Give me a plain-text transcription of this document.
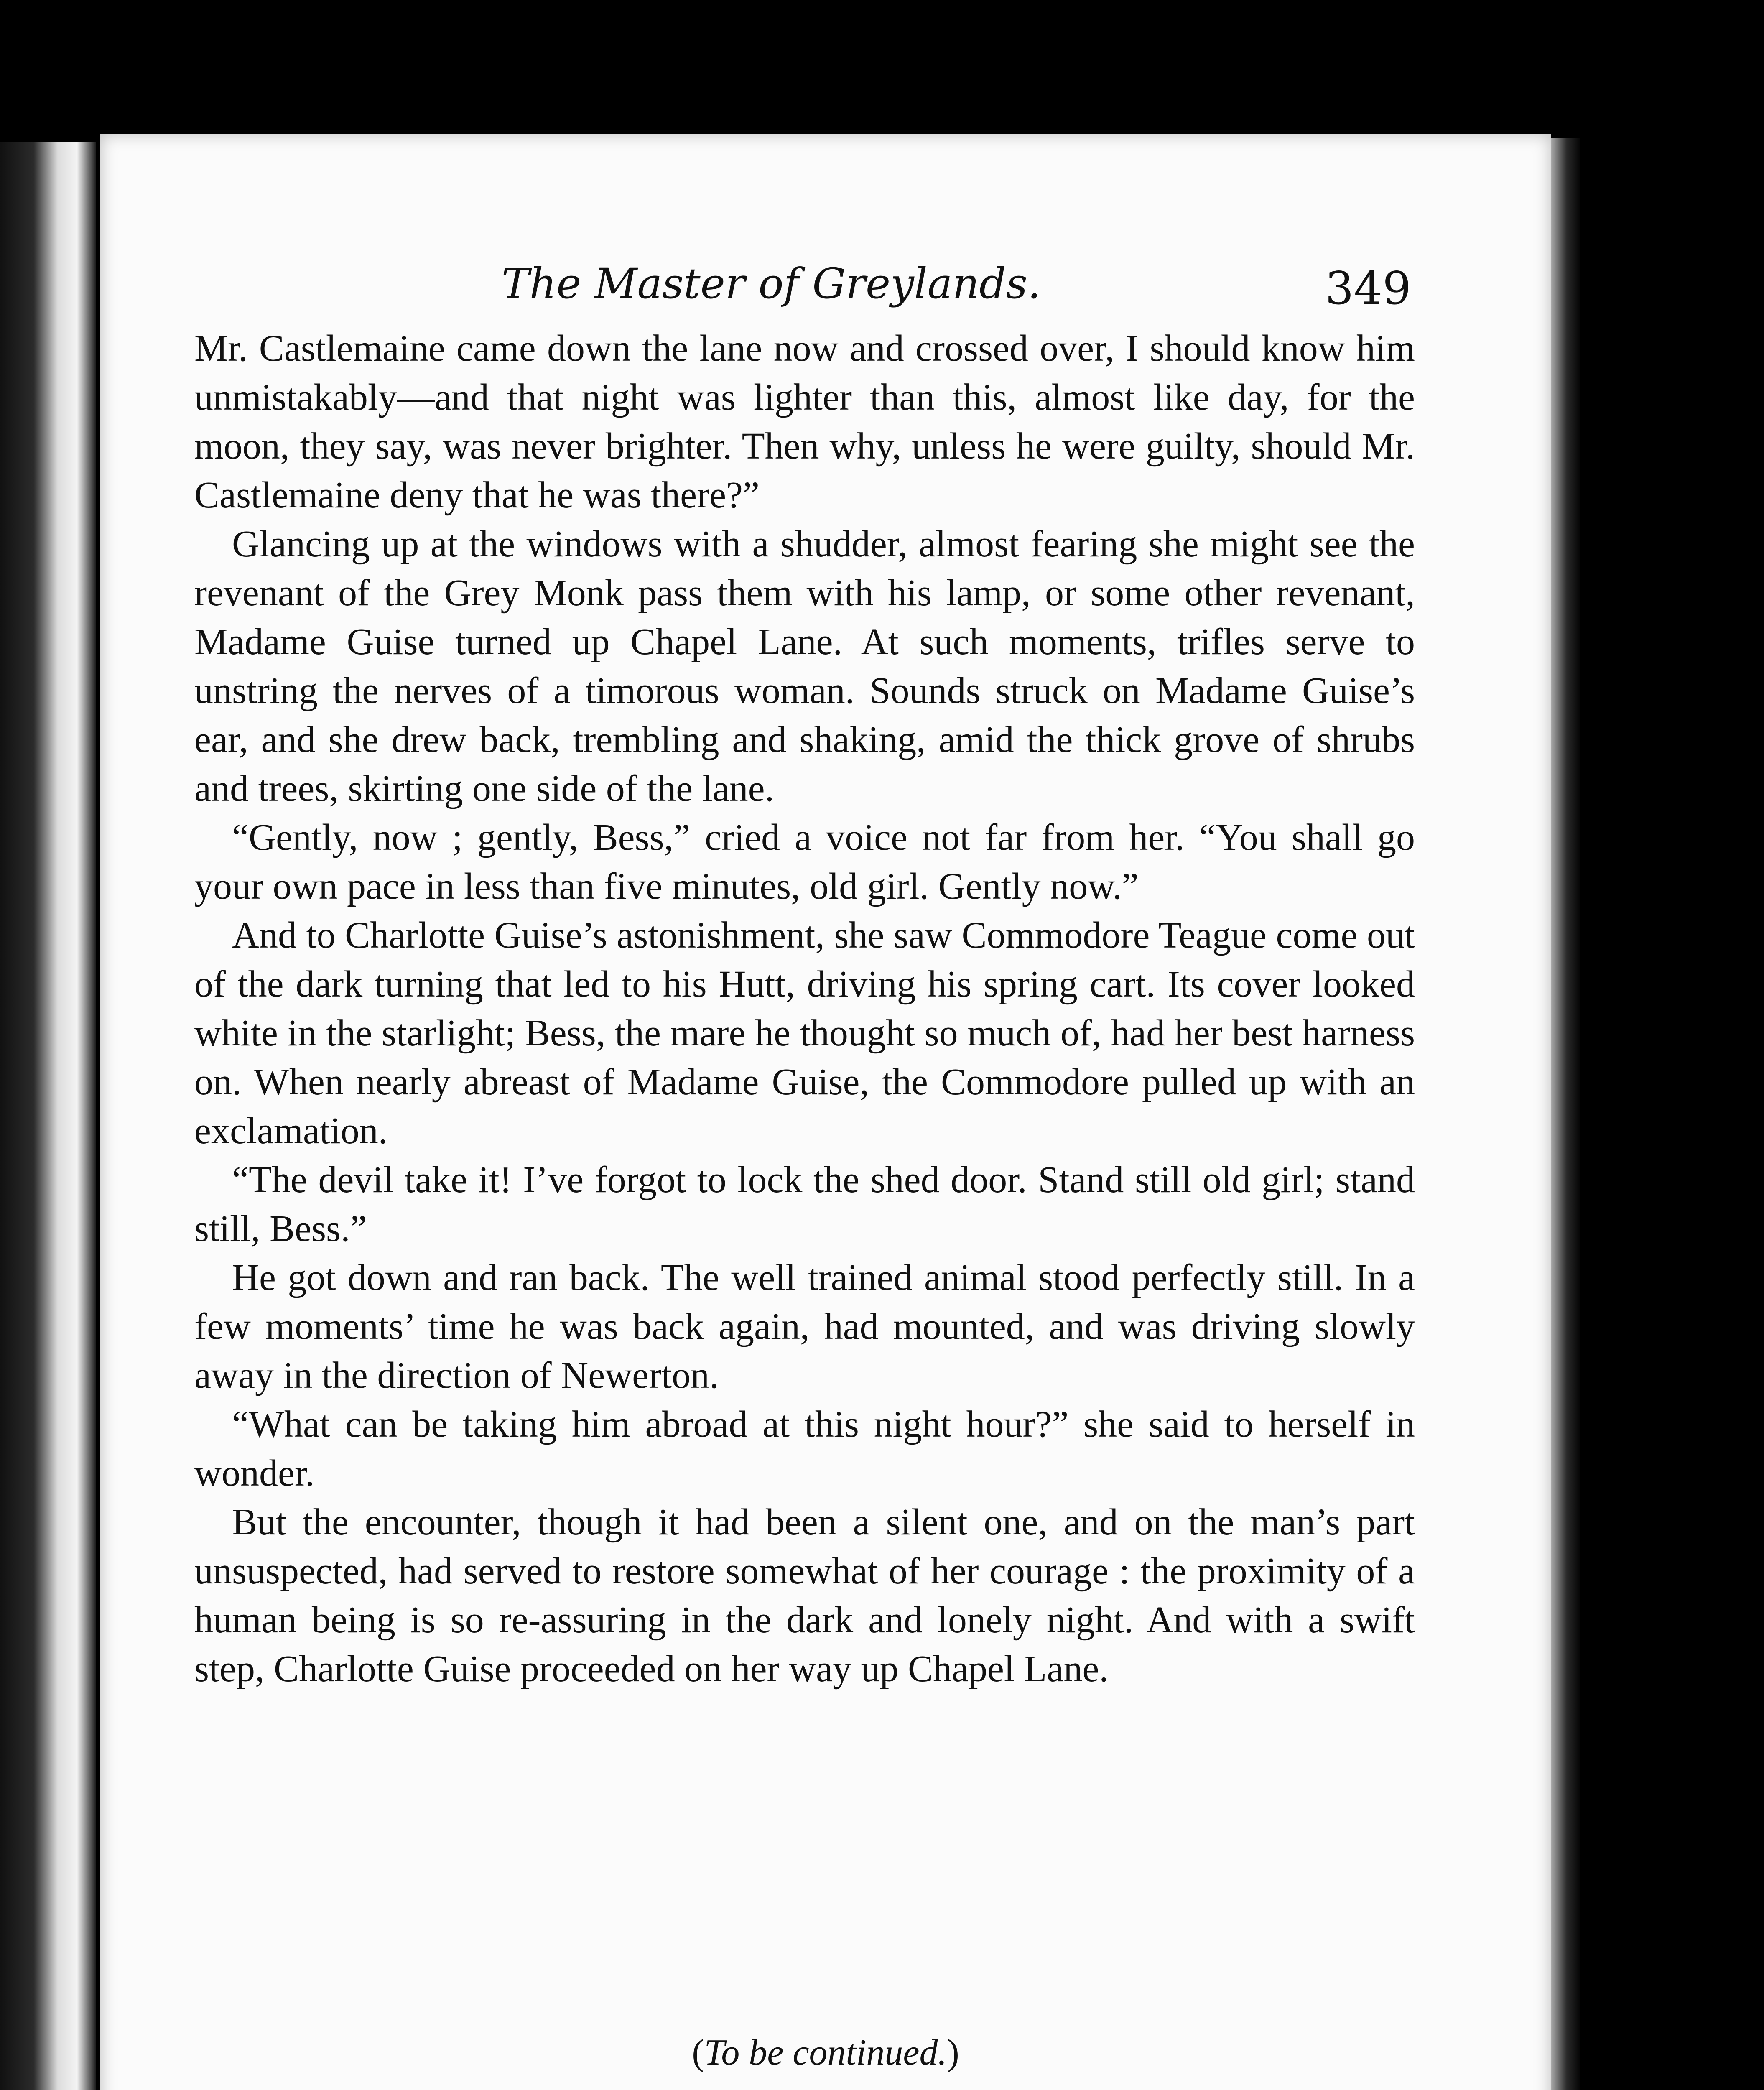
The Master of Greylands.	349

Mr. Castlemaine came down the lane now and crossed over, I should know him unmistakably—and that night was lighter than this, almost like day, for the moon, they say, was never brighter. Then why, unless he were guilty, should Mr. Castlemaine deny that he was there?”

Glancing up at the windows with a shudder, almost fearing she might see the revenant of the Grey Monk pass them with his lamp, or some other revenant, Madame Guise turned up Chapel Lane. At such moments, trifles serve to unstring the nerves of a timorous woman. Sounds struck on Madame Guise’s ear, and she drew back, trembling and shaking, amid the thick grove of shrubs and trees, skirting one side of the lane.

“Gently, now ; gently, Bess,” cried a voice not far from her. “You shall go your own pace in less than five minutes, old girl. Gently now.”

And to Charlotte Guise’s astonishment, she saw Commodore Teague come out of the dark turning that led to his Hutt, driving his spring cart. Its cover looked white in the starlight; Bess, the mare he thought so much of, had her best harness on. When nearly abreast of Madame Guise, the Commodore pulled up with an exclamation.

“The devil take it! I’ve forgot to lock the shed door. Stand still old girl; stand still, Bess.”

He got down and ran back. The well trained animal stood perfectly still. In a few moments’ time he was back again, had mounted, and was driving slowly away in the direction of Newerton.

“What can be taking him abroad at this night hour?” she said to herself in wonder.

But the encounter, though it had been a silent one, and on the man’s part unsuspected, had served to restore somewhat of her courage : the proximity of a human being is so re-assuring in the dark and lonely night. And with a swift step, Charlotte Guise proceeded on her way up Chapel Lane.

(To be continued.)
